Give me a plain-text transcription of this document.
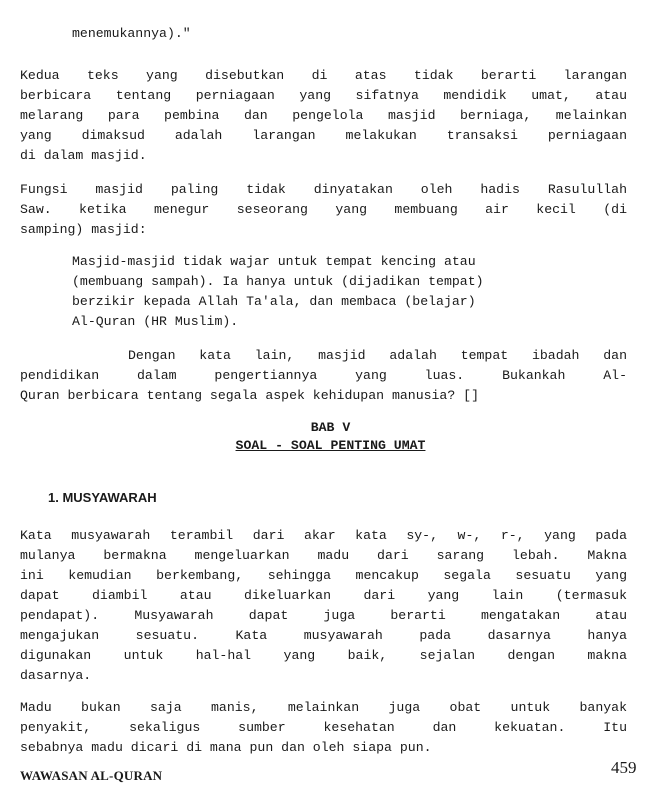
menemukannya)."
Kedua teks yang disebutkan di atas tidak berarti larangan
berbicara tentang perniagaan yang sifatnya mendidik umat, atau
melarang para pembina dan pengelola masjid berniaga, melainkan
yang dimaksud adalah larangan melakukan transaksi perniagaan
di dalam masjid.
Fungsi masjid paling tidak dinyatakan oleh hadis Rasulullah
Saw. ketika menegur seseorang yang membuang air kecil (di
samping) masjid:
Masjid-masjid tidak wajar untuk tempat kencing atau
(membuang sampah). Ia hanya untuk (dijadikan tempat)
berzikir kepada Allah Ta'ala, dan membaca (belajar)
Al-Quran (HR Muslim).
Dengan kata lain, masjid adalah tempat ibadah dan
pendidikan dalam pengertiannya yang luas. Bukankah Al-
Quran berbicara tentang segala aspek kehidupan manusia? []
BAB V
SOAL - SOAL PENTING UMAT
1. MUSYAWARAH
Kata musyawarah terambil dari akar kata sy-, w-, r-, yang pada
mulanya bermakna mengeluarkan madu dari sarang lebah. Makna
ini kemudian berkembang, sehingga mencakup segala sesuatu yang
dapat diambil atau dikeluarkan dari yang lain (termasuk
pendapat). Musyawarah dapat juga berarti mengatakan atau
mengajukan sesuatu. Kata musyawarah pada dasarnya hanya
digunakan untuk hal-hal yang baik, sejalan dengan makna
dasarnya.
Madu bukan saja manis, melainkan juga obat untuk banyak
penyakit, sekaligus sumber kesehatan dan kekuatan. Itu
sebabnya madu dicari di mana pun dan oleh siapa pun.
WAWASAN AL-QURAN	459
